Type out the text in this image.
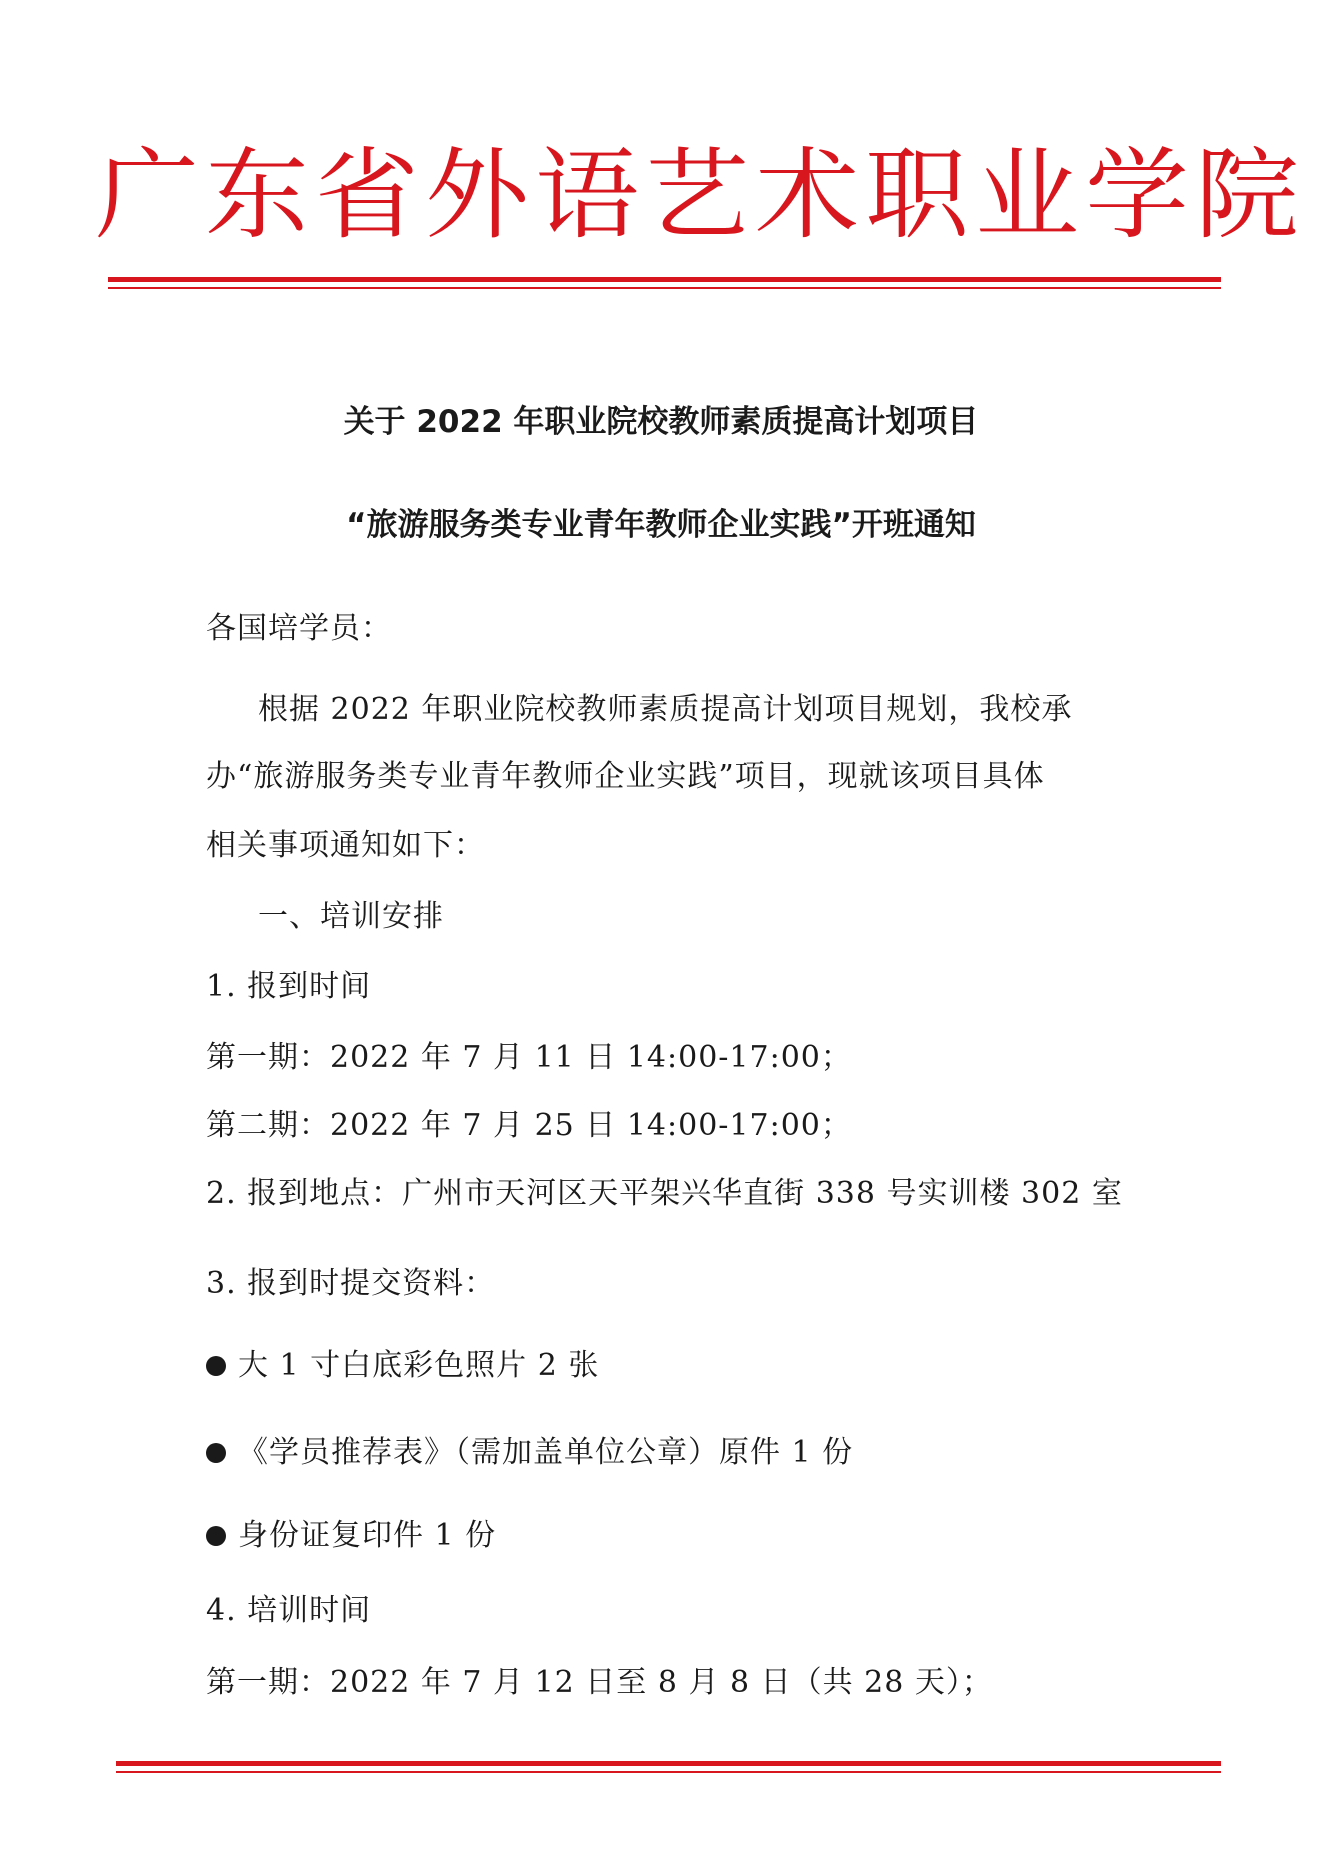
广东省外语艺术职业学院
关于 2022 年职业院校教师素质提高计划项目
“旅游服务类专业青年教师企业实践”开班通知
各国培学员：
根据 2022 年职业院校教师素质提高计划项目规划，我校承
办“旅游服务类专业青年教师企业实践”项目，现就该项目具体
相关事项通知如下：
一、培训安排
1. 报到时间
第一期：2022 年 7 月 11 日 14:00-17:00；
第二期：2022 年 7 月 25 日 14:00-17:00；
2. 报到地点：广州市天河区天平架兴华直街 338 号实训楼 302 室
3. 报到时提交资料：
大 1 寸白底彩色照片 2 张
《学员推荐表》（需加盖单位公章）原件 1 份
身份证复印件 1 份
4. 培训时间
第一期：2022 年 7 月 12 日至 8 月 8 日（共 28 天）；
